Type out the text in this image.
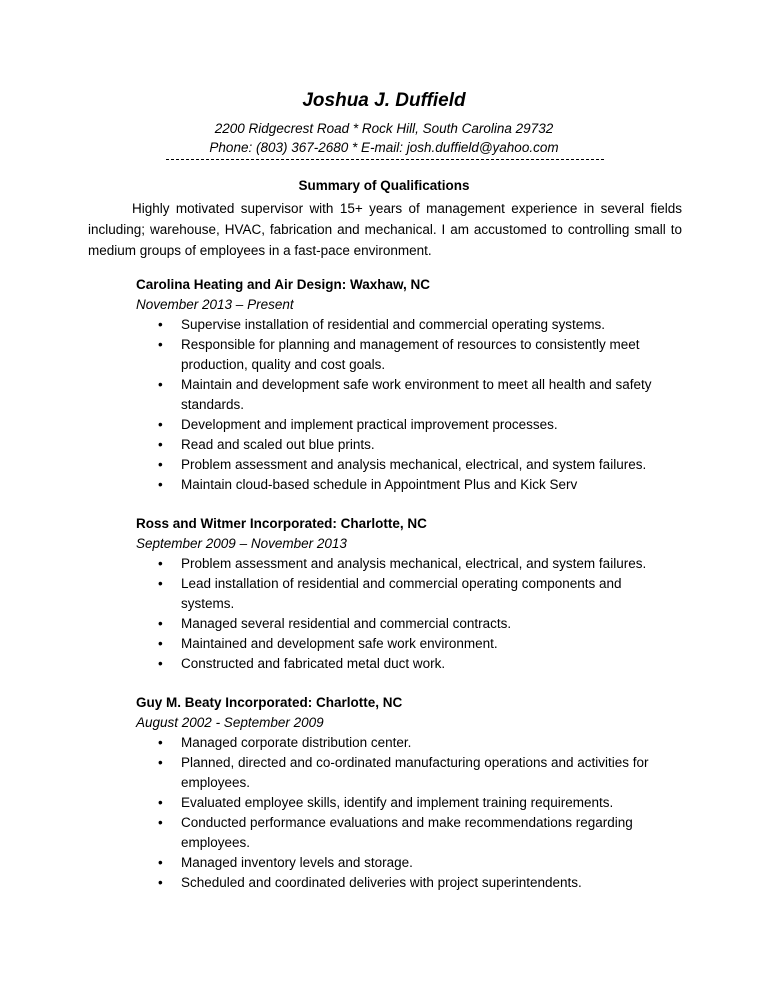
Joshua J. Duffield
2200 Ridgecrest Road * Rock Hill, South Carolina 29732
Phone: (803) 367-2680 * E-mail: josh.duffield@yahoo.com
Summary of Qualifications
Highly motivated supervisor with 15+ years of management experience in several fields including; warehouse, HVAC, fabrication and mechanical. I am accustomed to controlling small to medium groups of employees in a fast-pace environment.
Carolina Heating and Air Design: Waxhaw, NC
November 2013 – Present
• Supervise installation of residential and commercial operating systems.
• Responsible for planning and management of resources to consistently meet production, quality and cost goals.
• Maintain and development safe work environment to meet all health and safety standards.
• Development and implement practical improvement processes.
• Read and scaled out blue prints.
• Problem assessment and analysis mechanical, electrical, and system failures.
• Maintain cloud-based schedule in Appointment Plus and Kick Serv
Ross and Witmer Incorporated: Charlotte, NC
September 2009 – November 2013
• Problem assessment and analysis mechanical, electrical, and system failures.
• Lead installation of residential and commercial operating components and systems.
• Managed several residential and commercial contracts.
• Maintained and development safe work environment.
• Constructed and fabricated metal duct work.
Guy M. Beaty Incorporated: Charlotte, NC
August 2002 - September 2009
• Managed corporate distribution center.
• Planned, directed and co-ordinated manufacturing operations and activities for employees.
• Evaluated employee skills, identify and implement training requirements.
• Conducted performance evaluations and make recommendations regarding employees.
• Managed inventory levels and storage.
• Scheduled and coordinated deliveries with project superintendents.
